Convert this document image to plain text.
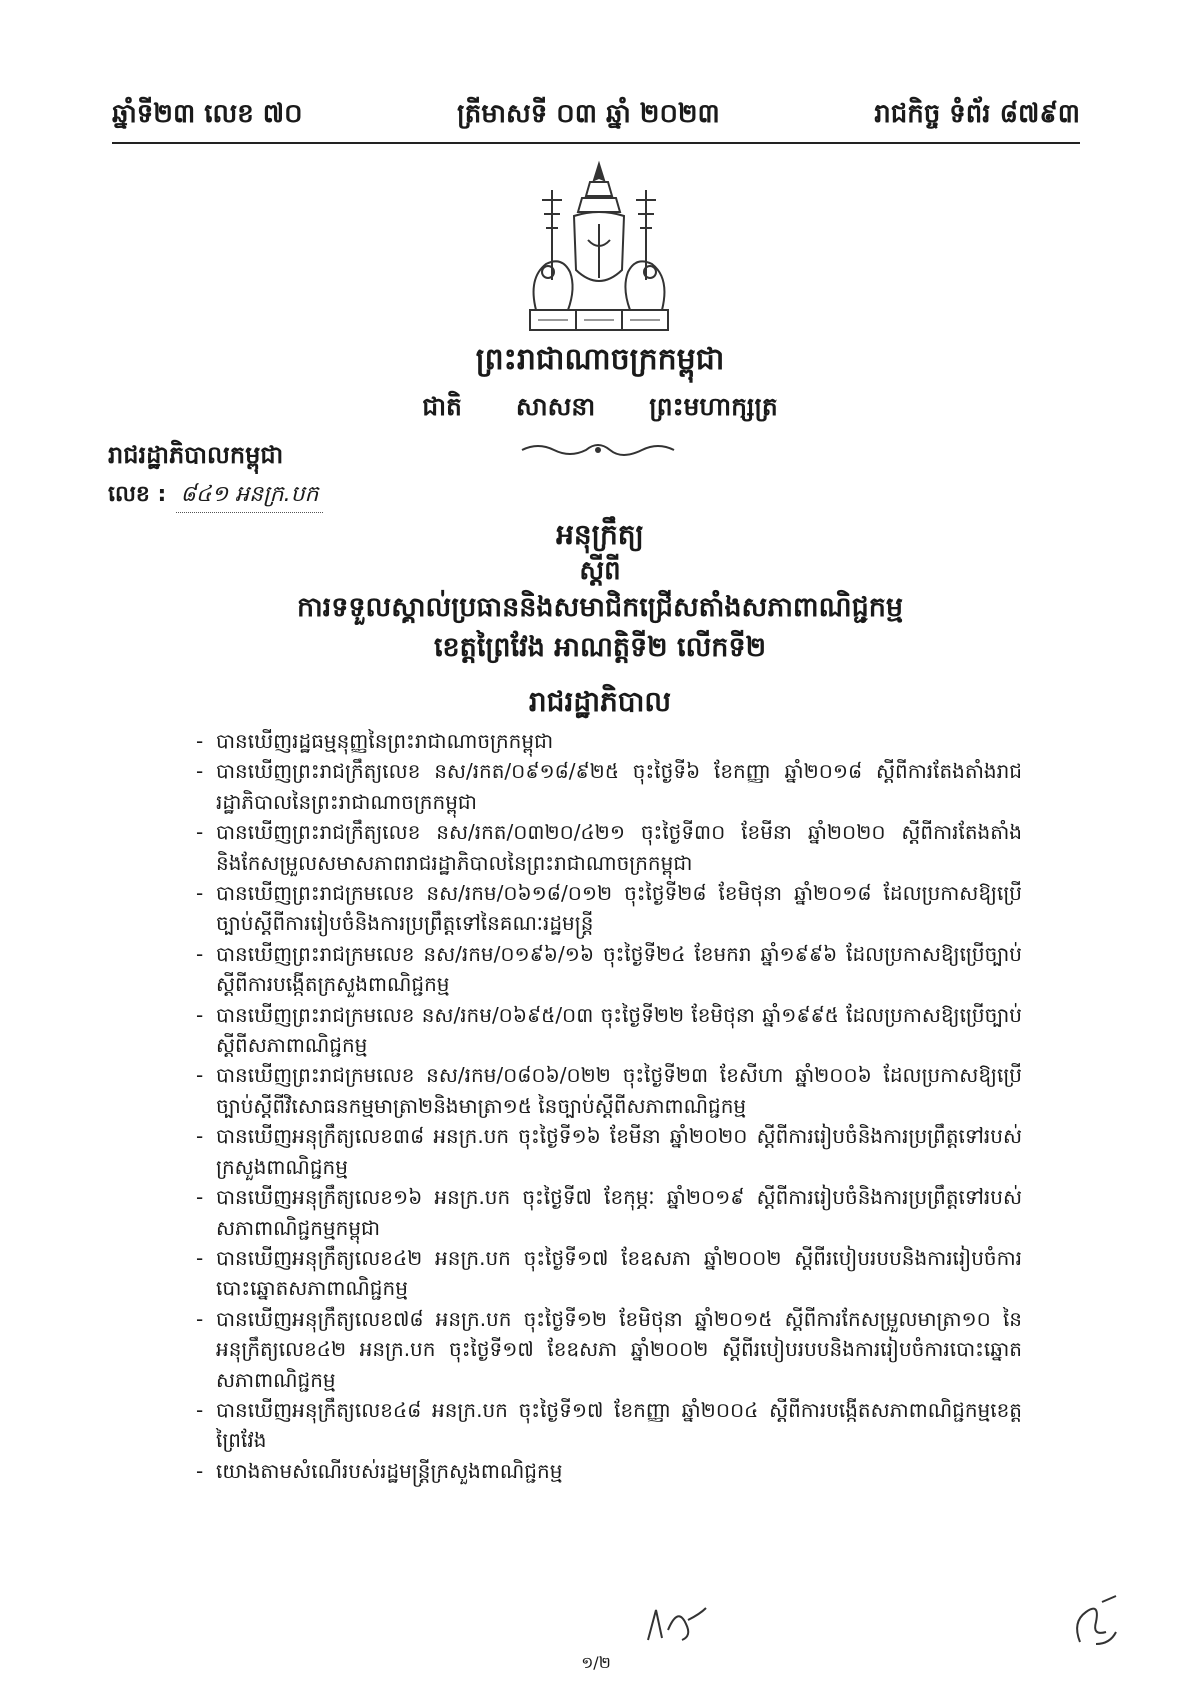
ឆ្នាំទី២៣ លេខ ៧០	ត្រីមាសទី ០៣ ឆ្នាំ ២០២៣	រាជកិច្ច ទំព័រ ៨៧៩៣
ព្រះរាជាណាចក្រកម្ពុជា
ជាតិ សាសនា ព្រះមហាក្សត្រ
រាជរដ្ឋាភិបាលកម្ពុជា
លេខ : ៨៤១ អនក្រ.បក
អនុក្រឹត្យ
ស្តីពី
ការទទួលស្គាល់ប្រធាននិងសមាជិកជ្រើសតាំងសភាពាណិជ្ជកម្ម
ខេត្តព្រៃវែង អាណត្តិទី២ លើកទី២
រាជរដ្ឋាភិបាល
- បានឃើញរដ្ឋធម្មនុញ្ញនៃព្រះរាជាណាចក្រកម្ពុជា
- បានឃើញព្រះរាជក្រឹត្យលេខ នស/រកត/០៩១៨/៩២៥ ចុះថ្ងៃទី៦ ខែកញ្ញា ឆ្នាំ២០១៨ ស្តីពីការតែងតាំងរាជរដ្ឋាភិបាលនៃព្រះរាជាណាចក្រកម្ពុជា
- បានឃើញព្រះរាជក្រឹត្យលេខ នស/រកត/០៣២០/៤២១ ចុះថ្ងៃទី៣០ ខែមីនា ឆ្នាំ២០២០ ស្តីពីការតែងតាំងនិងកែសម្រួលសមាសភាពរាជរដ្ឋាភិបាលនៃព្រះរាជាណាចក្រកម្ពុជា
- បានឃើញព្រះរាជក្រមលេខ នស/រកម/០៦១៨/០១២ ចុះថ្ងៃទី២៨ ខែមិថុនា ឆ្នាំ២០១៨ ដែលប្រកាសឱ្យប្រើច្បាប់ស្តីពីការរៀបចំនិងការប្រព្រឹត្តទៅនៃគណៈរដ្ឋមន្ត្រី
- បានឃើញព្រះរាជក្រមលេខ នស/រកម/០១៩៦/១៦ ចុះថ្ងៃទី២៤ ខែមករា ឆ្នាំ១៩៩៦ ដែលប្រកាសឱ្យប្រើច្បាប់ស្តីពីការបង្កើតក្រសួងពាណិជ្ជកម្ម
- បានឃើញព្រះរាជក្រមលេខ នស/រកម/០៦៩៥/០៣ ចុះថ្ងៃទី២២ ខែមិថុនា ឆ្នាំ១៩៩៥ ដែលប្រកាសឱ្យប្រើច្បាប់ស្តីពីសភាពាណិជ្ជកម្ម
- បានឃើញព្រះរាជក្រមលេខ នស/រកម/០៨០៦/០២២ ចុះថ្ងៃទី២៣ ខែសីហា ឆ្នាំ២០០៦ ដែលប្រកាសឱ្យប្រើច្បាប់ស្តីពីវិសោធនកម្មមាត្រា២និងមាត្រា១៥ នៃច្បាប់ស្តីពីសភាពាណិជ្ជកម្ម
- បានឃើញអនុក្រឹត្យលេខ៣៨ អនក្រ.បក ចុះថ្ងៃទី១៦ ខែមីនា ឆ្នាំ២០២០ ស្តីពីការរៀបចំនិងការប្រព្រឹត្តទៅរបស់ក្រសួងពាណិជ្ជកម្ម
- បានឃើញអនុក្រឹត្យលេខ១៦ អនក្រ.បក ចុះថ្ងៃទី៧ ខែកុម្ភៈ ឆ្នាំ២០១៩ ស្តីពីការរៀបចំនិងការប្រព្រឹត្តទៅរបស់សភាពាណិជ្ជកម្មកម្ពុជា
- បានឃើញអនុក្រឹត្យលេខ៤២ អនក្រ.បក ចុះថ្ងៃទី១៧ ខែឧសភា ឆ្នាំ២០០២ ស្តីពីរបៀបរបបនិងការរៀបចំការបោះឆ្នោតសភាពាណិជ្ជកម្ម
- បានឃើញអនុក្រឹត្យលេខ៧៨ អនក្រ.បក ចុះថ្ងៃទី១២ ខែមិថុនា ឆ្នាំ២០១៥ ស្តីពីការកែសម្រួលមាត្រា១០ នៃអនុក្រឹត្យលេខ៤២ អនក្រ.បក ចុះថ្ងៃទី១៧ ខែឧសភា ឆ្នាំ២០០២ ស្តីពីរបៀបរបបនិងការរៀបចំការបោះឆ្នោតសភាពាណិជ្ជកម្ម
- បានឃើញអនុក្រឹត្យលេខ៤៨ អនក្រ.បក ចុះថ្ងៃទី១៧ ខែកញ្ញា ឆ្នាំ២០០៤ ស្តីពីការបង្កើតសភាពាណិជ្ជកម្មខេត្តព្រៃវែង
- យោងតាមសំណើរបស់រដ្ឋមន្ត្រីក្រសួងពាណិជ្ជកម្ម
១/២
